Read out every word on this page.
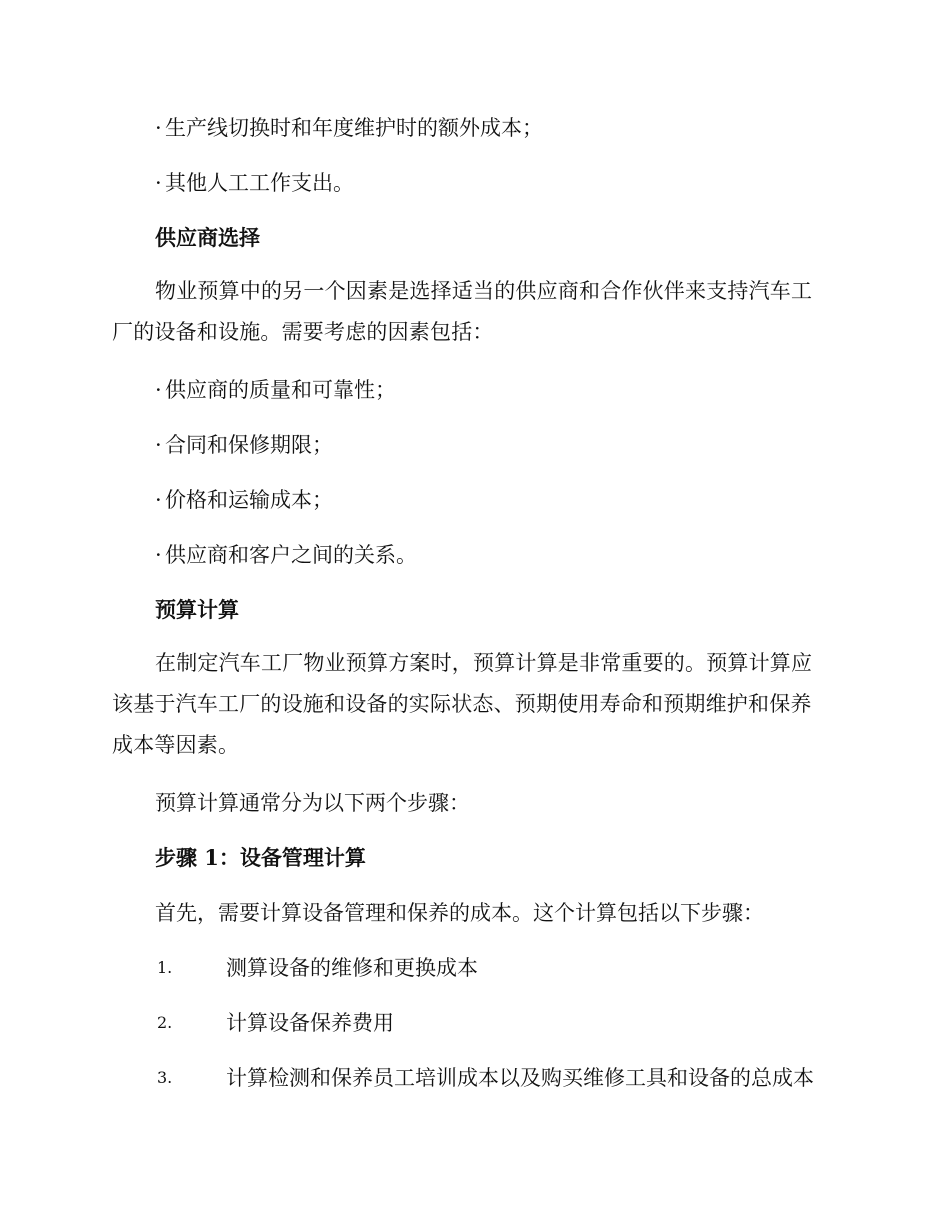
· 生产线切换时和年度维护时的额外成本；
· 其他人工工作支出。
供应商选择
物业预算中的另一个因素是选择适当的供应商和合作伙伴来支持汽车工厂的设备和设施。需要考虑的因素包括：
· 供应商的质量和可靠性；
· 合同和保修期限；
· 价格和运输成本；
· 供应商和客户之间的关系。
预算计算
在制定汽车工厂物业预算方案时，预算计算是非常重要的。预算计算应该基于汽车工厂的设施和设备的实际状态、预期使用寿命和预期维护和保养成本等因素。
预算计算通常分为以下两个步骤：
步骤 1：设备管理计算
首先，需要计算设备管理和保养的成本。这个计算包括以下步骤：
1.	测算设备的维修和更换成本
2.	计算设备保养费用
3.	计算检测和保养员工培训成本以及购买维修工具和设备的总成本
